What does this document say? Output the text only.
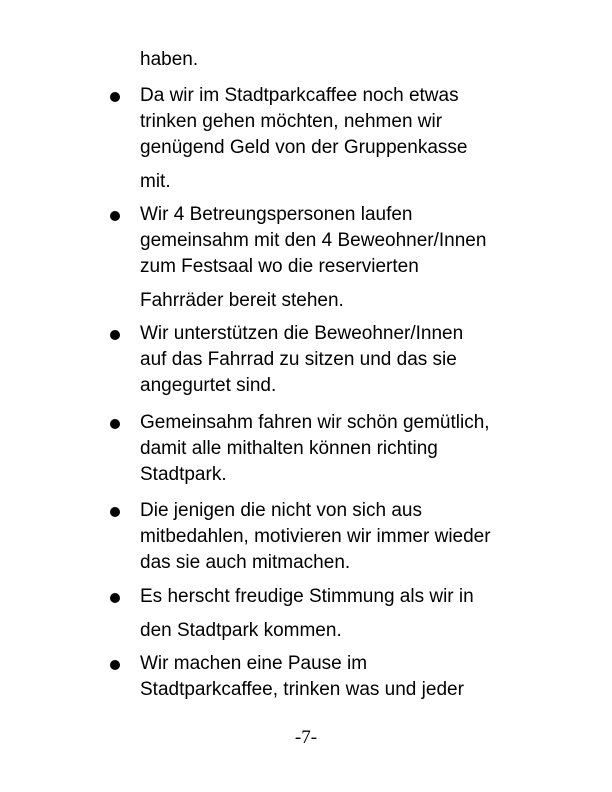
haben.
Da wir im Stadtparkcaffee noch etwas
trinken gehen möchten, nehmen wir
genügend Geld von der Gruppenkasse
mit.
Wir 4 Betreungspersonen laufen
gemeinsahm mit den 4 Beweohner/Innen
zum Festsaal wo die reservierten
Fahrräder bereit stehen.
Wir unterstützen die Beweohner/Innen
auf das Fahrrad zu sitzen und das sie
angegurtet sind.
Gemeinsahm fahren wir schön gemütlich,
damit alle mithalten können richting
Stadtpark.
Die jenigen die nicht von sich aus
mitbedahlen, motivieren wir immer wieder
das sie auch mitmachen.
Es herscht freudige Stimmung als wir in
den Stadtpark kommen.
Wir machen eine Pause im
Stadtparkcaffee, trinken was und jeder
-7-
